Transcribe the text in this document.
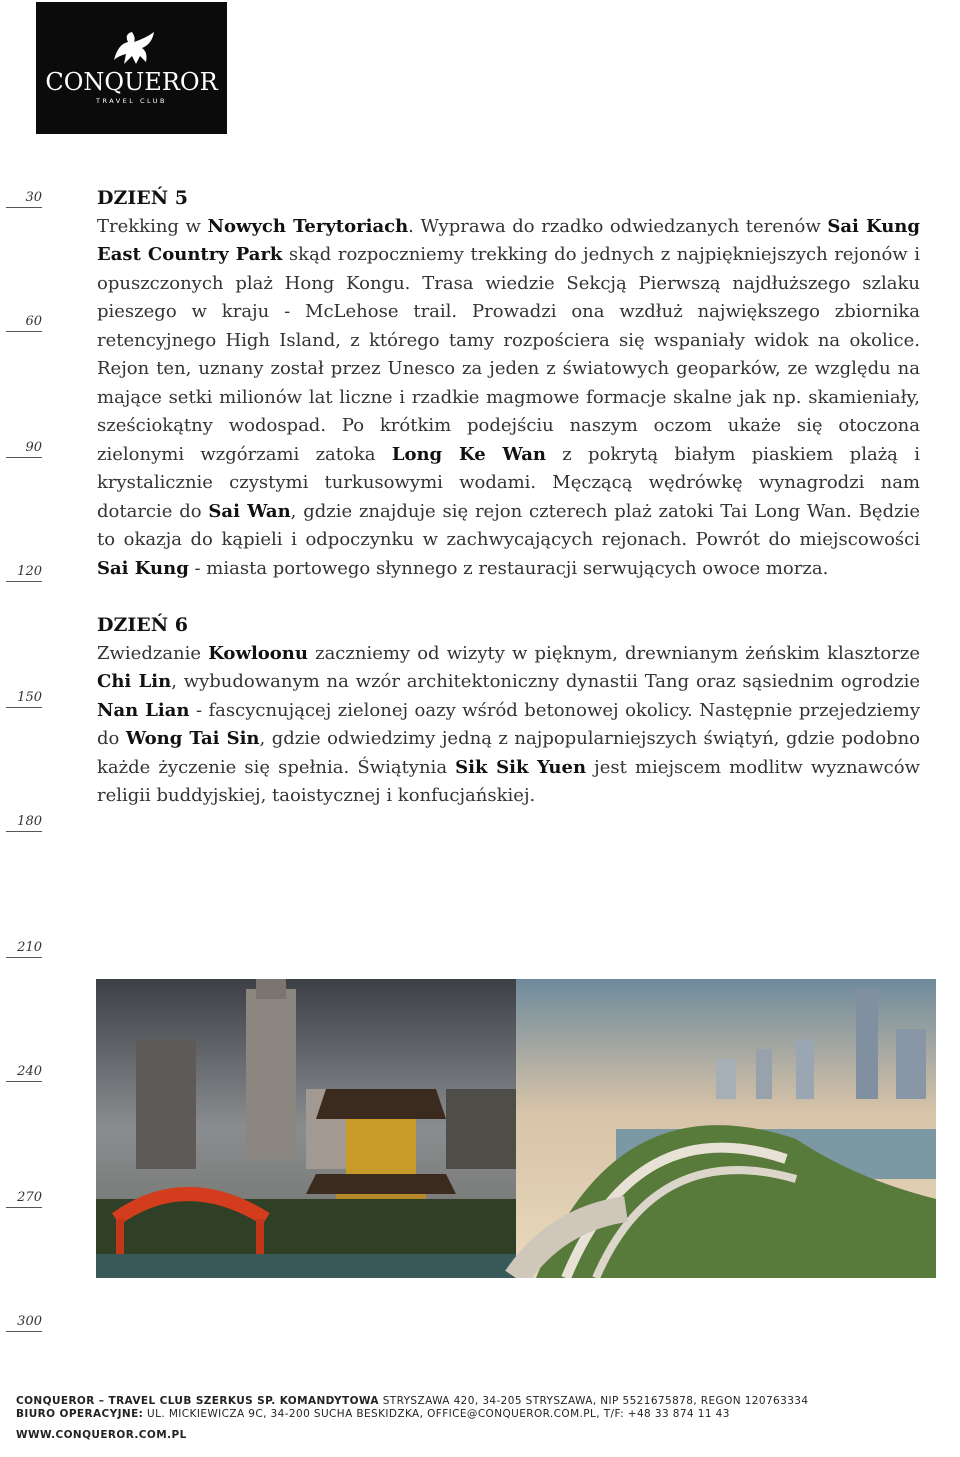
CONQUEROR
TRAVEL CLUB
30
60
90
120
150
180
210
240
270
300
DZIEŃ 5

Trekking w Nowych Terytoriach. Wyprawa do rzadko odwiedzanych terenów Sai Kung East Country Park skąd rozpoczniemy trekking do jednych z najpiękniejszych rejonów i opuszczonych plaż Hong Kongu. Trasa wiedzie Sekcją Pierwszą najdłuższego szlaku pieszego w kraju - McLehose trail. Prowadzi ona wzdłuż największego zbiornika retencyjnego High Island, z którego tamy rozpościera się wspaniały widok na okolice. Rejon ten, uznany został przez Unesco za jeden z światowych geoparków, ze względu na mające setki milionów lat liczne i rzadkie magmowe formacje skalne jak np. skamieniały, sześciokątny wodospad. Po krótkim podejściu naszym oczom ukaże się otoczona zielonymi wzgórzami zatoka Long Ke Wan z pokrytą białym piaskiem plażą i krystalicznie czystymi turkusowymi wodami. Męczącą wędrówkę wynagrodzi nam dotarcie do Sai Wan, gdzie znajduje się rejon czterech plaż zatoki Tai Long Wan. Będzie to okazja do kąpieli i odpoczynku w zachwycających rejonach. Powrót do miejscowości Sai Kung - miasta portowego słynnego z restauracji serwujących owoce morza.

DZIEŃ 6

Zwiedzanie Kowloonu zaczniemy od wizyty w pięknym, drewnianym żeńskim klasztorze Chi Lin, wybudowanym na wzór architektoniczny dynastii Tang oraz sąsiednim ogrodzie Nan Lian - fascycnującej zielonej oazy wśród betonowej okolicy. Następnie przejedziemy do Wong Tai Sin, gdzie odwiedzimy jedną z najpopularniejszych świątyń, gdzie podobno każde życzenie się spełnia. Świątynia Sik Sik Yuen jest miejscem modlitw wyznawców religii buddyjskiej, taoistycznej i konfucjańskiej.

CONQUEROR – TRAVEL CLUB SZERKUS SP. KOMANDYTOWA STRYSZAWA 420, 34-205 STRYSZAWA, NIP 5521675878, REGON 120763334
BIURO OPERACYJNE: UL. MICKIEWICZA 9C, 34-200 SUCHA BESKIDZKA, OFFICE@CONQUEROR.COM.PL, T/F: +48 33 874 11 43
WWW.CONQUEROR.COM.PL
